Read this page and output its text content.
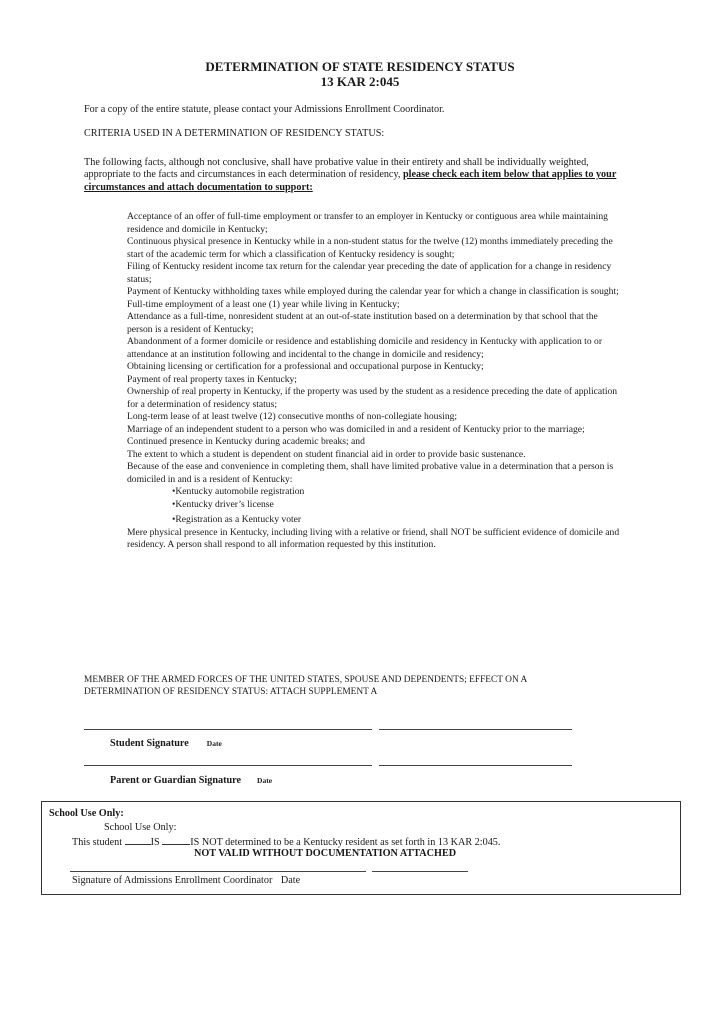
DETERMINATION OF STATE RESIDENCY STATUS
13 KAR 2:045
For a copy of the entire statute, please contact your Admissions Enrollment Coordinator.
CRITERIA USED IN A DETERMINATION OF RESIDENCY STATUS:
The following facts, although not conclusive, shall have probative value in their entirety and shall be individually weighted, appropriate to the facts and circumstances in each determination of residency, please check each item below that applies to your circumstances and attach documentation to support:
Acceptance of an offer of full-time employment or transfer to an employer in Kentucky or contiguous area while maintaining residence and domicile in Kentucky;
Continuous physical presence in Kentucky while in a non-student status for the twelve (12) months immediately preceding the start of the academic term for which a classification of Kentucky residency is sought;
Filing of Kentucky resident income tax return for the calendar year preceding the date of application for a change in residency status;
Payment of Kentucky withholding taxes while employed during the calendar year for which a change in classification is sought;
Full-time employment of a least one (1) year while living in Kentucky;
Attendance as a full-time, nonresident student at an out-of-state institution based on a determination by that school that the person is a resident of Kentucky;
Abandonment of a former domicile or residence and establishing domicile and residency in Kentucky with application to or attendance at an institution following and incidental to the change in domicile and residency;
Obtaining licensing or certification for a professional and occupational purpose in Kentucky;
Payment of real property taxes in Kentucky;
Ownership of real property in Kentucky, if the property was used by the student as a residence preceding the date of application for a determination of residency status;
Long-term lease of at least twelve (12) consecutive months of non-collegiate housing;
Marriage of an independent student to a person who was domiciled in and a resident of Kentucky prior to the marriage;
Continued presence in Kentucky during academic breaks; and
The extent to which a student is dependent on student financial aid in order to provide basic sustenance.
Because of the ease and convenience in completing them, shall have limited probative value in a determination that a person is domiciled in and is a resident of Kentucky:
•Kentucky automobile registration
•Kentucky driver’s license
•Registration as a Kentucky voter
Mere physical presence in Kentucky, including living with a relative or friend, shall NOT be sufficient evidence of domicile and residency. A person shall respond to all information requested by this institution.
MEMBER OF THE ARMED FORCES OF THE UNITED STATES, SPOUSE AND DEPENDENTS; EFFECT ON A DETERMINATION OF RESIDENCY STATUS: ATTACH SUPPLEMENT A
Student Signature Date
Parent or Guardian Signature Date
School Use Only:
School Use Only:
This student	IS	IS NOT determined to be a Kentucky resident as set forth in 13 KAR 2:045.
NOT VALID WITHOUT DOCUMENTATION ATTACHED
Signature of Admissions Enrollment Coordinator Date
